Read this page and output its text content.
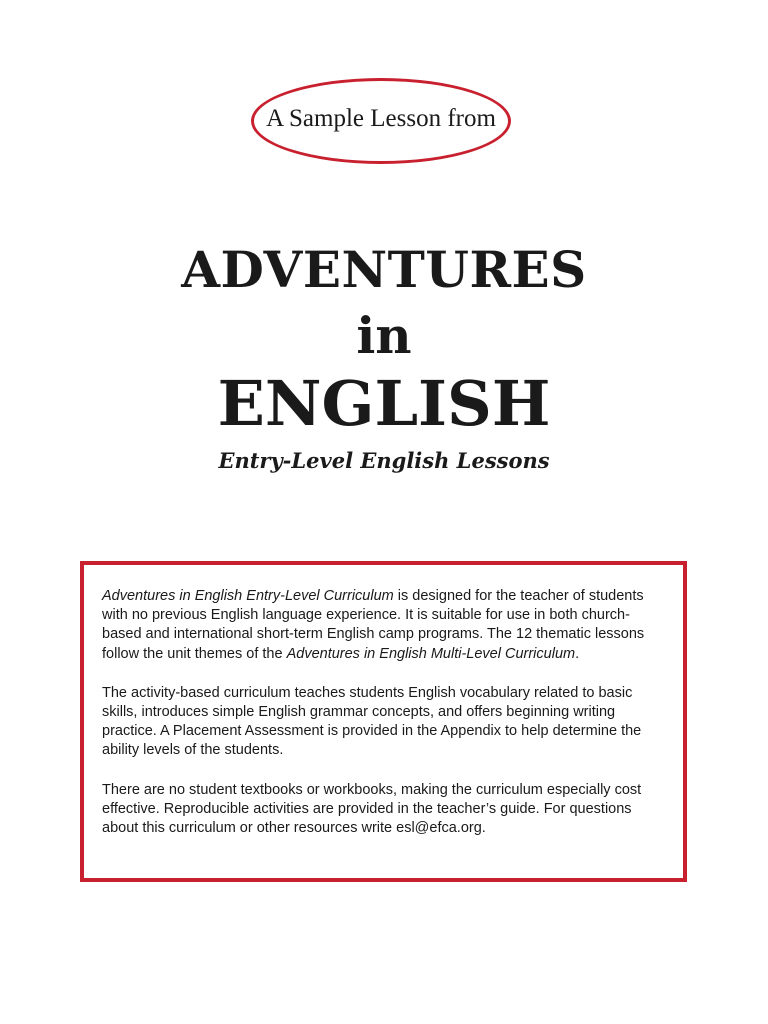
A Sample Lesson from
ADVENTURES
in
ENGLISH
Entry-Level English Lessons

Adventures in English Entry-Level Curriculum is designed for the teacher of students with no previous English language experience. It is suitable for use in both church-based and international short-term English camp programs. The 12 thematic lessons follow the unit themes of the Adventures in English Multi-Level Curriculum.

The activity-based curriculum teaches students English vocabulary related to basic skills, introduces simple English grammar concepts, and offers beginning writing practice. A Placement Assessment is provided in the Appendix to help determine the ability levels of the students.

There are no student textbooks or workbooks, making the curriculum especially cost effective. Reproducible activities are provided in the teacher’s guide. For questions about this curriculum or other resources write esl@efca.org.
